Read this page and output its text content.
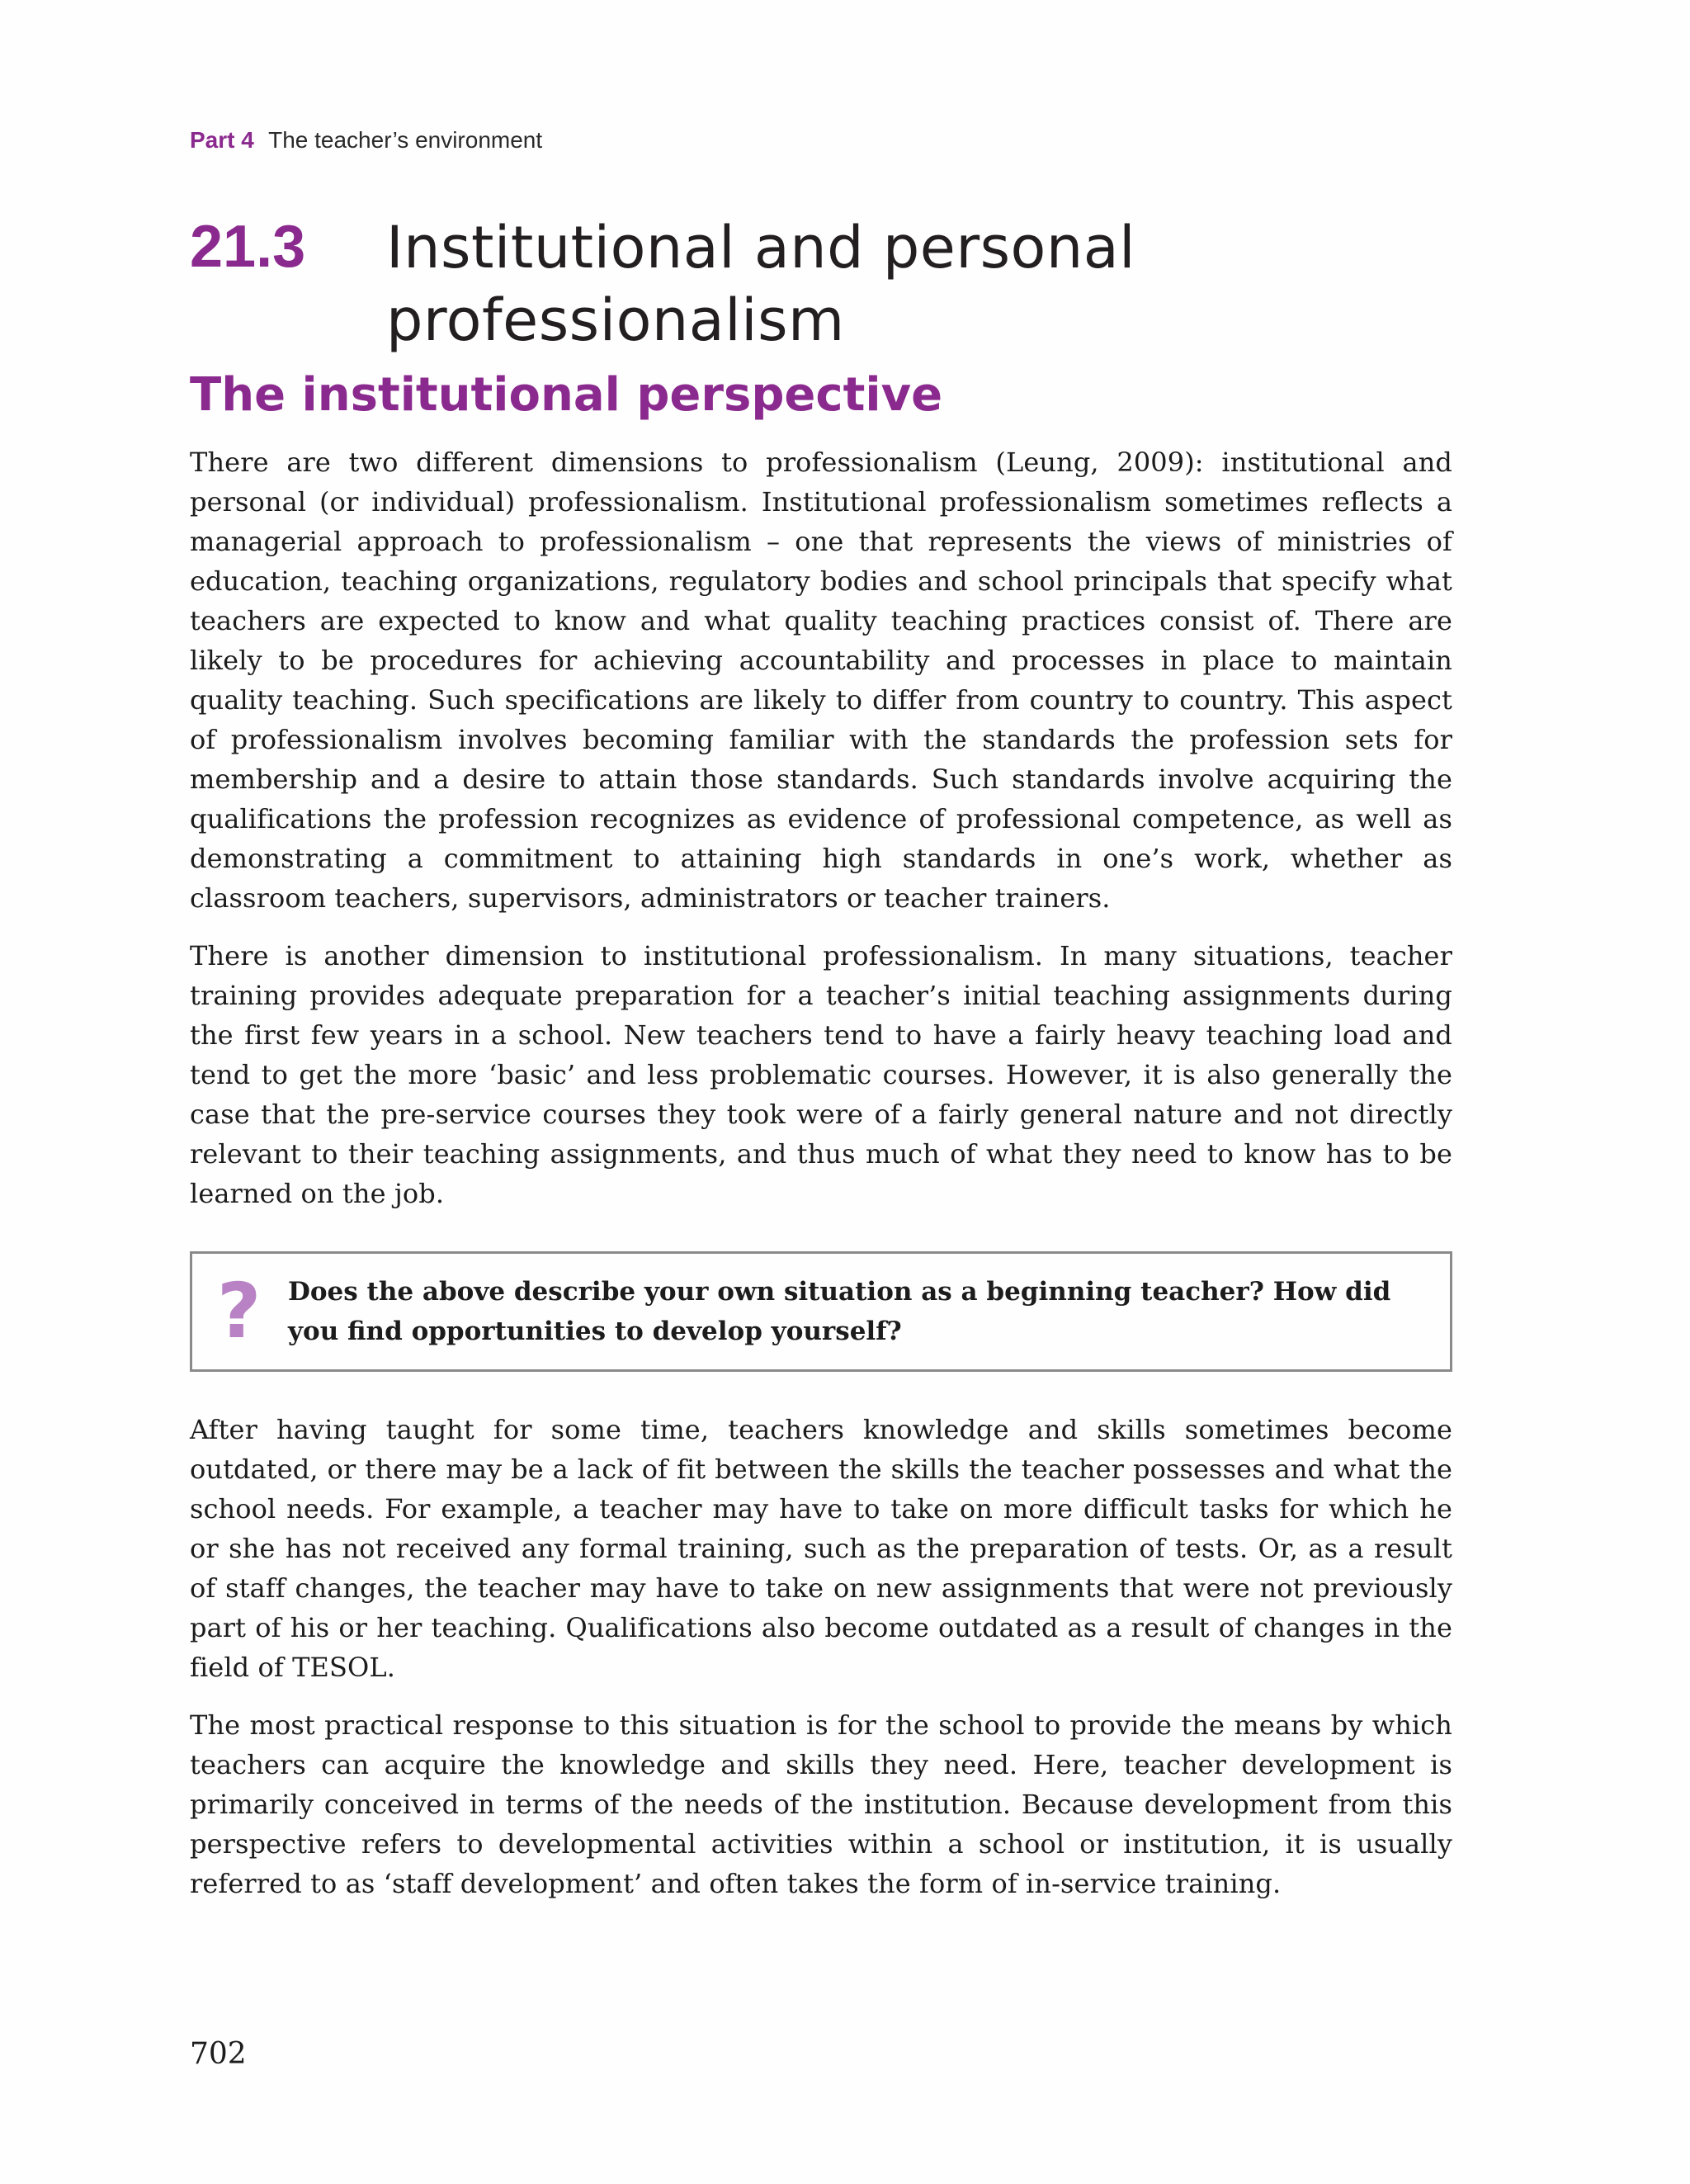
Part 4 The teacher’s environment
21.3	Institutional and personal professionalism
The institutional perspective

There are two different dimensions to professionalism (Leung, 2009): institutional and personal (or individual) professionalism. Institutional professionalism sometimes reflects a managerial approach to professionalism – one that represents the views of ministries of education, teaching organizations, regulatory bodies and school principals that specify what teachers are expected to know and what quality teaching practices consist of. There are likely to be procedures for achieving accountability and processes in place to maintain quality teaching. Such specifications are likely to differ from country to country. This aspect of professionalism involves becoming familiar with the standards the profession sets for membership and a desire to attain those standards. Such standards involve acquiring the qualifications the profession recognizes as evidence of professional competence, as well as demonstrating a commitment to attaining high standards in one’s work, whether as classroom teachers, supervisors, administrators or teacher trainers.

There is another dimension to institutional professionalism. In many situations, teacher training provides adequate preparation for a teacher’s initial teaching assignments during the first few years in a school. New teachers tend to have a fairly heavy teaching load and tend to get the more ‘basic’ and less problematic courses. However, it is also generally the case that the pre-service courses they took were of a fairly general nature and not directly relevant to their teaching assignments, and thus much of what they need to know has to be learned on the job.

?	Does the above describe your own situation as a beginning teacher? How did you find opportunities to develop yourself?

After having taught for some time, teachers knowledge and skills sometimes become outdated, or there may be a lack of fit between the skills the teacher possesses and what the school needs. For example, a teacher may have to take on more difficult tasks for which he or she has not received any formal training, such as the preparation of tests. Or, as a result of staff changes, the teacher may have to take on new assignments that were not previously part of his or her teaching. Qualifications also become outdated as a result of changes in the field of TESOL.

The most practical response to this situation is for the school to provide the means by which teachers can acquire the knowledge and skills they need. Here, teacher development is primarily conceived in terms of the needs of the institution. Because development from this perspective refers to developmental activities within a school or institution, it is usually referred to as ‘staff development’ and often takes the form of in-service training.

702
